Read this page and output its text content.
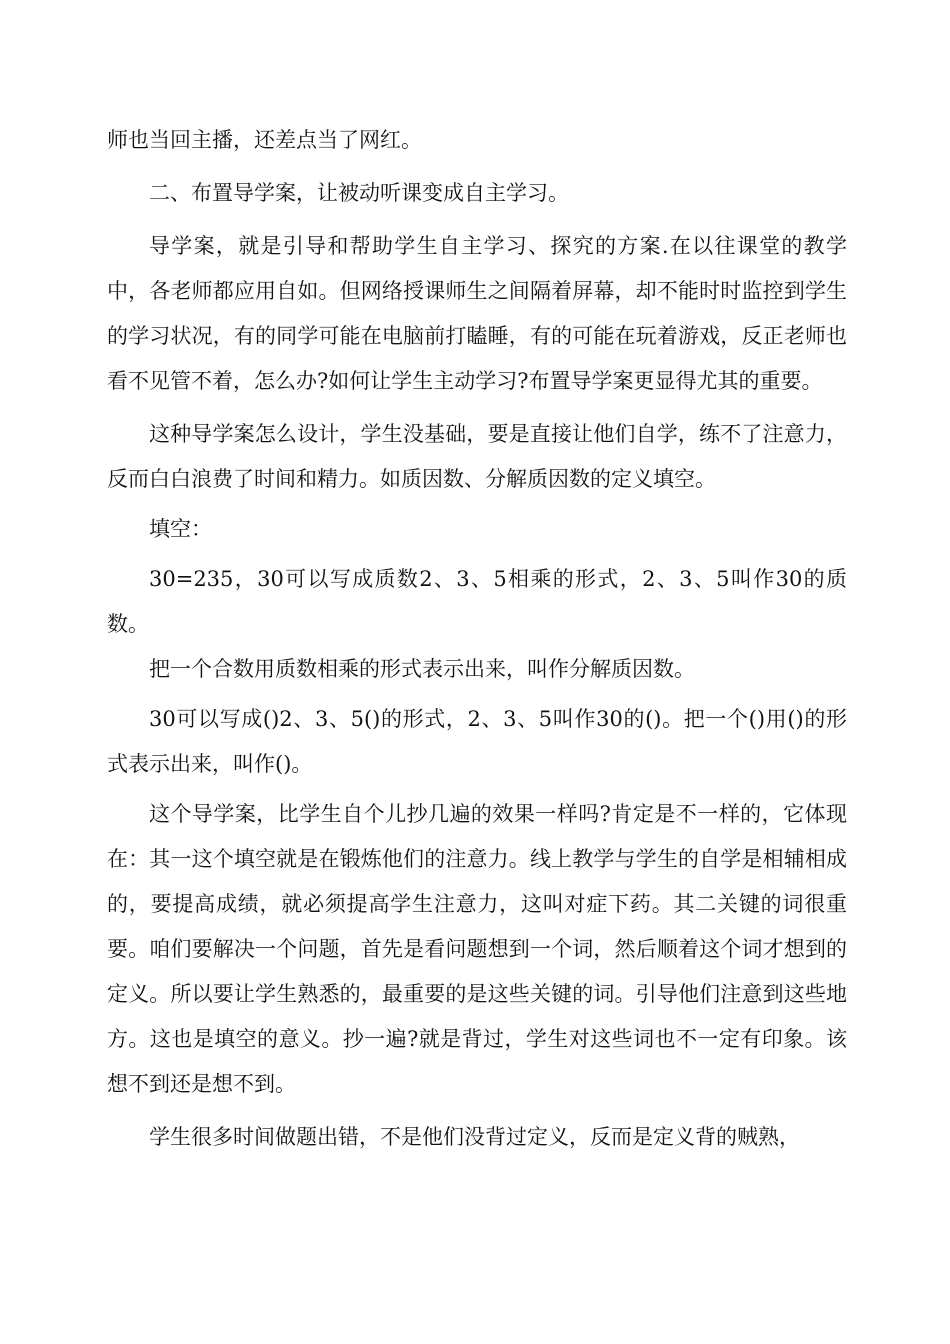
师也当回主播，还差点当了网红。

二、布置导学案，让被动听课变成自主学习。

导学案，就是引导和帮助学生自主学习、探究的方案.在以往课堂的教学中，各老师都应用自如。但网络授课师生之间隔着屏幕，却不能时时监控到学生的学习状况，有的同学可能在电脑前打瞌睡，有的可能在玩着游戏，反正老师也看不见管不着，怎么办?如何让学生主动学习?布置导学案更显得尤其的重要。

这种导学案怎么设计，学生没基础，要是直接让他们自学，练不了注意力，反而白白浪费了时间和精力。如质因数、分解质因数的定义填空。

填空：

30=235，30可以写成质数2、3、5相乘的形式，2、3、5叫作30的质数。

把一个合数用质数相乘的形式表示出来，叫作分解质因数。

30可以写成()2、3、5()的形式，2、3、5叫作30的()。把一个()用()的形式表示出来，叫作()。

这个导学案，比学生自个儿抄几遍的效果一样吗?肯定是不一样的，它体现在：其一这个填空就是在锻炼他们的注意力。线上教学与学生的自学是相辅相成的，要提高成绩，就必须提高学生注意力，这叫对症下药。其二关键的词很重要。咱们要解决一个问题，首先是看问题想到一个词，然后顺着这个词才想到的定义。所以要让学生熟悉的，最重要的是这些关键的词。引导他们注意到这些地方。这也是填空的意义。抄一遍?就是背过，学生对这些词也不一定有印象。该想不到还是想不到。

学生很多时间做题出错，不是他们没背过定义，反而是定义背的贼熟，
